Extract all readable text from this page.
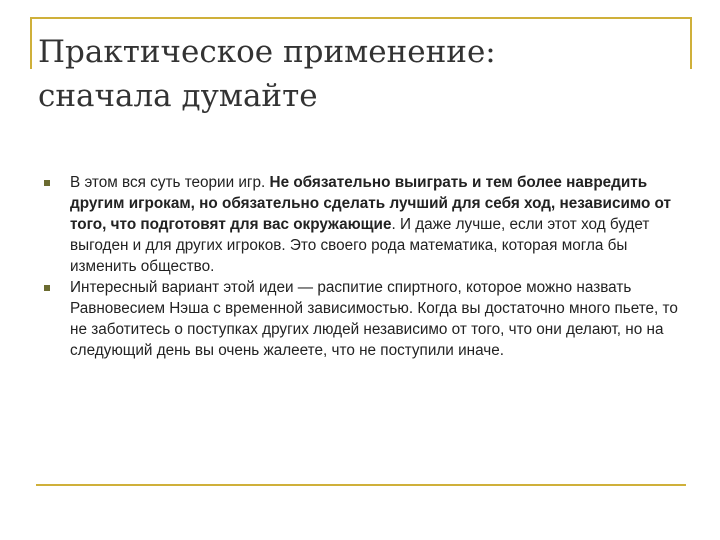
Практическое применение:
сначала думайте

В этом вся суть теории игр. Не обязательно выиграть и тем более навредить другим игрокам, но обязательно сделать лучший для себя ход, независимо от того, что подготовят для вас окружающие. И даже лучше, если этот ход будет выгоден и для других игроков. Это своего рода математика, которая могла бы изменить общество.

Интересный вариант этой идеи — распитие спиртного, которое можно назвать Равновесием Нэша с временной зависимостью. Когда вы достаточно много пьете, то не заботитесь о поступках других людей независимо от того, что они делают, но на следующий день вы очень жалеете, что не поступили иначе.
